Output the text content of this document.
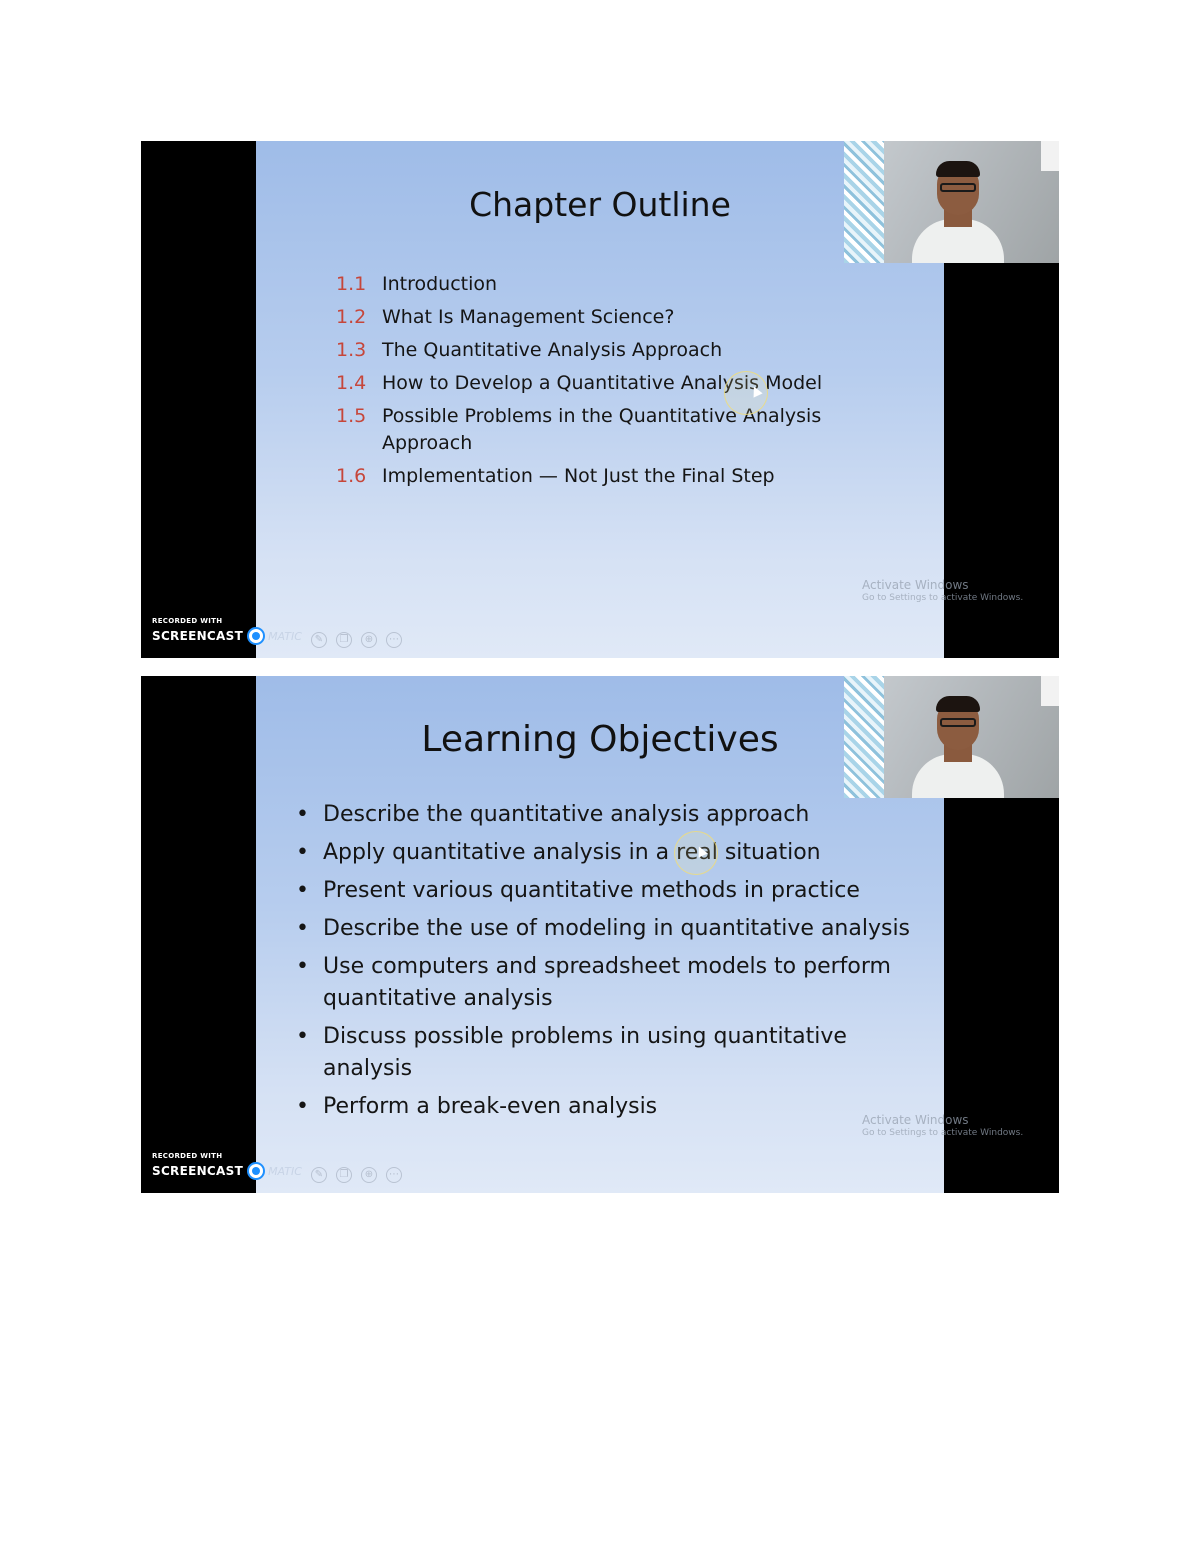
Chapter Outline
1.1 Introduction
1.2 What Is Management Science?
1.3 The Quantitative Analysis Approach
1.4 How to Develop a Quantitative Analysis Model
1.5 Possible Problems in the Quantitative Analysis Approach
1.6 Implementation — Not Just the Final Step
Activate Windows
Go to Settings to activate Windows.
RECORDED WITH
SCREENCAST MATIC	✎	❐	⊕	⋯
Learning Objectives
• Describe the quantitative analysis approach
• Apply quantitative analysis in a real situation
• Present various quantitative methods in practice
• Describe the use of modeling in quantitative analysis
• Use computers and spreadsheet models to perform quantitative analysis
• Discuss possible problems in using quantitative analysis
• Perform a break-even analysis
Activate Windows
Go to Settings to activate Windows.
RECORDED WITH
SCREENCAST MATIC	✎	❐	⊕	⋯
